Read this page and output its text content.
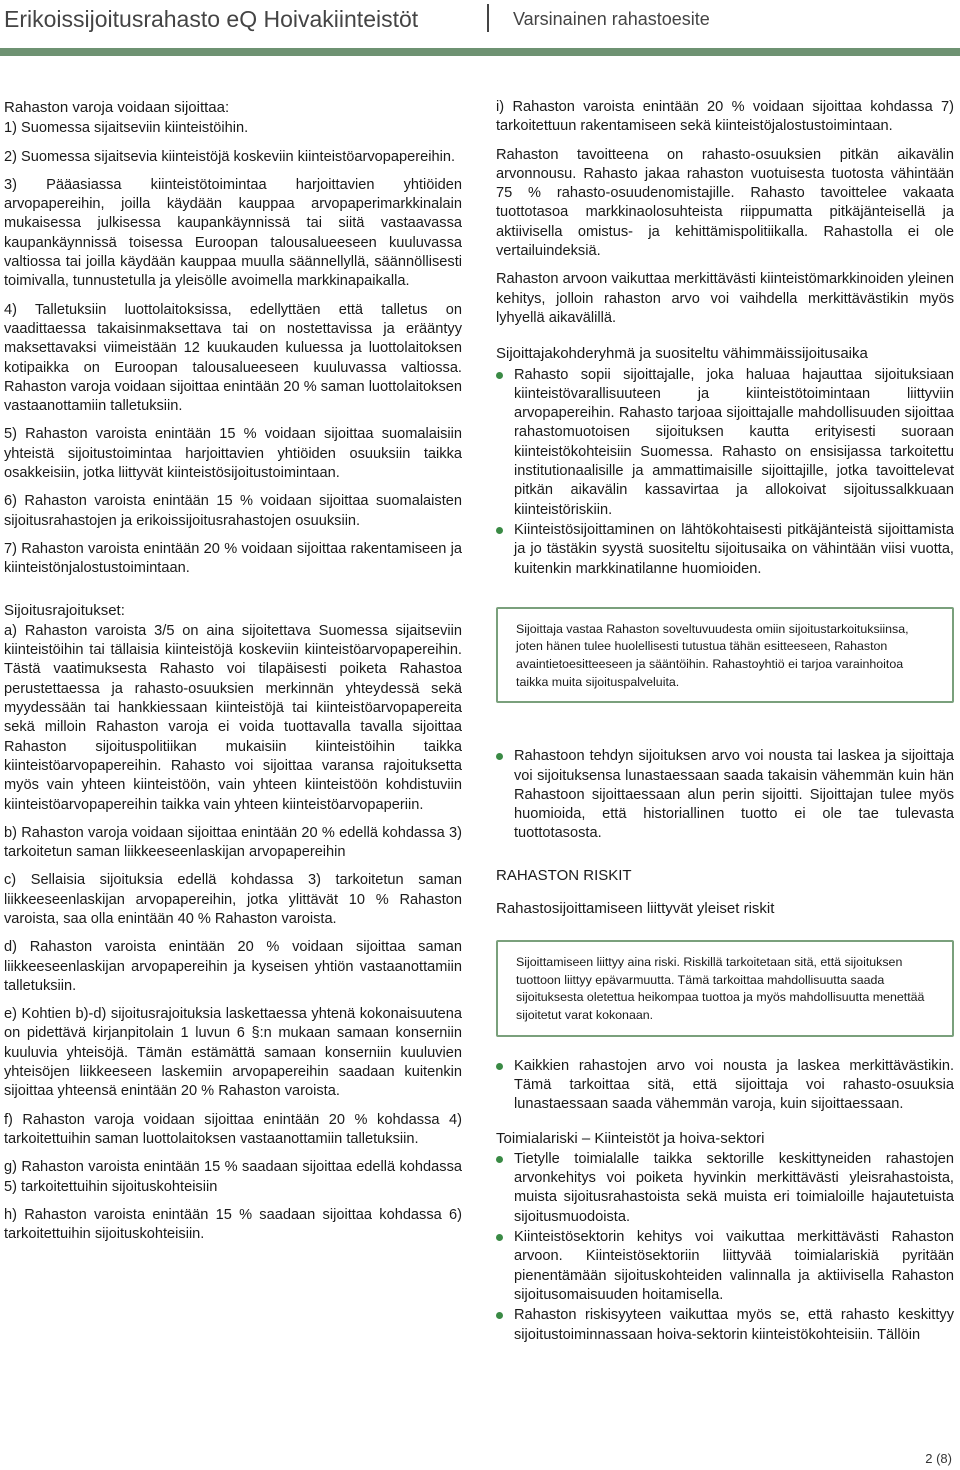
Erikoissijoitusrahasto eQ Hoivakiinteistöt	Varsinainen rahastoesite
Rahaston varoja voidaan sijoittaa:

1) Suomessa sijaitseviin kiinteistöihin.

2) Suomessa sijaitsevia kiinteistöjä koskeviin kiinteistöarvopapereihin.

3) Pääasiassa kiinteistötoimintaa harjoittavien yhtiöiden arvopapereihin, joilla käydään kauppaa arvopaperimarkkinalain mukaisessa julkisessa kaupankäynnissä tai siitä vastaavassa kaupankäynnissä toisessa Euroopan talousalueeseen kuuluvassa valtiossa tai joilla käydään kauppaa muulla säännellyllä, säännöllisesti toimivalla, tunnustetulla ja yleisölle avoimella markkinapaikalla.

4) Talletuksiin luottolaitoksissa, edellyttäen että talletus on vaadittaessa takaisinmaksettava tai on nostettavissa ja erääntyy maksettavaksi viimeistään 12 kuukauden kuluessa ja luottolaitoksen kotipaikka on Euroopan talousalueeseen kuuluvassa valtiossa. Rahaston varoja voidaan sijoittaa enintään 20 % saman luottolaitoksen vastaanottamiin talletuksiin.

5) Rahaston varoista enintään 15 % voidaan sijoittaa suomalaisiin yhteistä sijoitustoimintaa harjoittavien yhtiöiden osuuksiin taikka osakkeisiin, jotka liittyvät kiinteistösijoitustoimintaan.

6) Rahaston varoista enintään 15 % voidaan sijoittaa suomalaisten sijoitusrahastojen ja erikoissijoitusrahastojen osuuksiin.

7) Rahaston varoista enintään 20 % voidaan sijoittaa rakentamiseen ja kiinteistönjalostustoimintaan.

Sijoitusrajoitukset:

a) Rahaston varoista 3/5 on aina sijoitettava Suomessa sijaitseviin kiinteistöihin tai tällaisia kiinteistöjä koskeviin kiinteistöarvopapereihin. Tästä vaatimuksesta Rahasto voi tilapäisesti poiketa Rahastoa perustettaessa ja rahasto-osuuksien merkinnän yhteydessä sekä myydessään tai hankkiessaan kiinteistöjä tai kiinteistöarvopapereita sekä milloin Rahaston varoja ei voida tuottavalla tavalla sijoittaa Rahaston sijoituspolitiikan mukaisiin kiinteistöihin taikka kiinteistöarvopapereihin. Rahasto voi sijoittaa varansa rajoituksetta myös vain yhteen kiinteistöön, vain yhteen kiinteistöön kohdistuviin kiinteistöarvopapereihin taikka vain yhteen kiinteistöarvopaperiin.

b) Rahaston varoja voidaan sijoittaa enintään 20 % edellä kohdassa 3) tarkoitetun saman liikkeeseenlaskijan arvopapereihin

c) Sellaisia sijoituksia edellä kohdassa 3) tarkoitetun saman liikkeeseenlaskijan arvopapereihin, jotka ylittävät 10 % Rahaston varoista, saa olla enintään 40 % Rahaston varoista.

d) Rahaston varoista enintään 20 % voidaan sijoittaa saman liikkeeseenlaskijan arvopapereihin ja kyseisen yhtiön vastaanottamiin talletuksiin.

e) Kohtien b)-d) sijoitusrajoituksia laskettaessa yhtenä kokonaisuutena on pidettävä kirjanpitolain 1 luvun 6 §:n mukaan samaan konserniin kuuluvia yhteisöjä. Tämän estämättä samaan konserniin kuuluvien yhteisöjen liikkeeseen laskemiin arvopapereihin saadaan kuitenkin sijoittaa yhteensä enintään 20 % Rahaston varoista.

f) Rahaston varoja voidaan sijoittaa enintään 20 % kohdassa 4) tarkoitettuihin saman luottolaitoksen vastaanottamiin talletuksiin.

g) Rahaston varoista enintään 15 % saadaan sijoittaa edellä kohdassa 5) tarkoitettuihin sijoituskohteisiin

h) Rahaston varoista enintään 15 % saadaan sijoittaa kohdassa 6) tarkoitettuihin sijoituskohteisiin.

i) Rahaston varoista enintään 20 % voidaan sijoittaa kohdassa 7) tarkoitettuun rakentamiseen sekä kiinteistöjalostustoimintaan.

Rahaston tavoitteena on rahasto-osuuksien pitkän aikavälin arvonnousu. Rahasto jakaa rahaston vuotuisesta tuotosta vähintään 75 % rahasto-osuudenomistajille. Rahasto tavoittelee vakaata tuottotasoa markkinaolosuhteista riippumatta pitkäjänteisellä ja aktiivisella omistus- ja kehittämispolitiikalla. Rahastolla ei ole vertailuindeksiä.

Rahaston arvoon vaikuttaa merkittävästi kiinteistömarkkinoiden yleinen kehitys, jolloin rahaston arvo voi vaihdella merkittävästikin myös lyhyellä aikavälillä.

Sijoittajakohderyhmä ja suositeltu vähimmäissijoitusaika
Rahasto sopii sijoittajalle, joka haluaa hajauttaa sijoituksiaan kiinteistövarallisuuteen ja kiinteistötoimintaan liittyviin arvopapereihin. Rahasto tarjoaa sijoittajalle mahdollisuuden sijoittaa rahastomuotoisen sijoituksen kautta erityisesti suoraan kiinteistökohteisiin Suomessa. Rahasto on ensisijassa tarkoitettu institutionaalisille ja ammattimaisille sijoittajille, jotka tavoittelevat pitkän aikavälin kassavirtaa ja allokoivat sijoitussalkkuaan kiinteistöriskiin.
Kiinteistösijoittaminen on lähtökohtaisesti pitkäjänteistä sijoittamista ja jo tästäkin syystä suositeltu sijoitusaika on vähintään viisi vuotta, kuitenkin markkinatilanne huomioiden.
Sijoittaja vastaa Rahaston soveltuvuudesta omiin sijoitustarkoituksiinsa, joten hänen tulee huolellisesti tutustua tähän esitteeseen, Rahaston avaintietoesitteeseen ja sääntöihin. Rahastoyhtiö ei tarjoa varainhoitoa taikka muita sijoituspalveluita.
Rahastoon tehdyn sijoituksen arvo voi nousta tai laskea ja sijoittaja voi sijoituksensa lunastaessaan saada takaisin vähemmän kuin hän Rahastoon sijoittaessaan alun perin sijoitti. Sijoittajan tulee myös huomioida, että historiallinen tuotto ei ole tae tulevasta tuottotasosta.
RAHASTON RISKIT
Rahastosijoittamiseen liittyvät yleiset riskit
Sijoittamiseen liittyy aina riski. Riskillä tarkoitetaan sitä, että sijoituksen tuottoon liittyy epävarmuutta. Tämä tarkoittaa mahdollisuutta saada sijoituksesta oletettua heikompaa tuottoa ja myös mahdollisuutta menettää sijoitetut varat kokonaan.
Kaikkien rahastojen arvo voi nousta ja laskea merkittävästikin. Tämä tarkoittaa sitä, että sijoittaja voi rahasto-osuuksia lunastaessaan saada vähemmän varoja, kuin sijoittaessaan.
Toimialariski – Kiinteistöt ja hoiva-sektori
Tietylle toimialalle taikka sektorille keskittyneiden rahastojen arvonkehitys voi poiketa hyvinkin merkittävästi yleisrahastoista, muista sijoitusrahastoista sekä muista eri toimialoille hajautetuista sijoitusmuodoista.
Kiinteistösektorin kehitys voi vaikuttaa merkittävästi Rahaston arvoon. Kiinteistösektoriin liittyvää toimialariskiä pyritään pienentämään sijoituskohteiden valinnalla ja aktiivisella Rahaston sijoitusomaisuuden hoitamisella.
Rahaston riskisyyteen vaikuttaa myös se, että rahasto keskittyy sijoitustoiminnassaan hoiva-sektorin kiinteistökohteisiin. Tällöin
2 (8)
